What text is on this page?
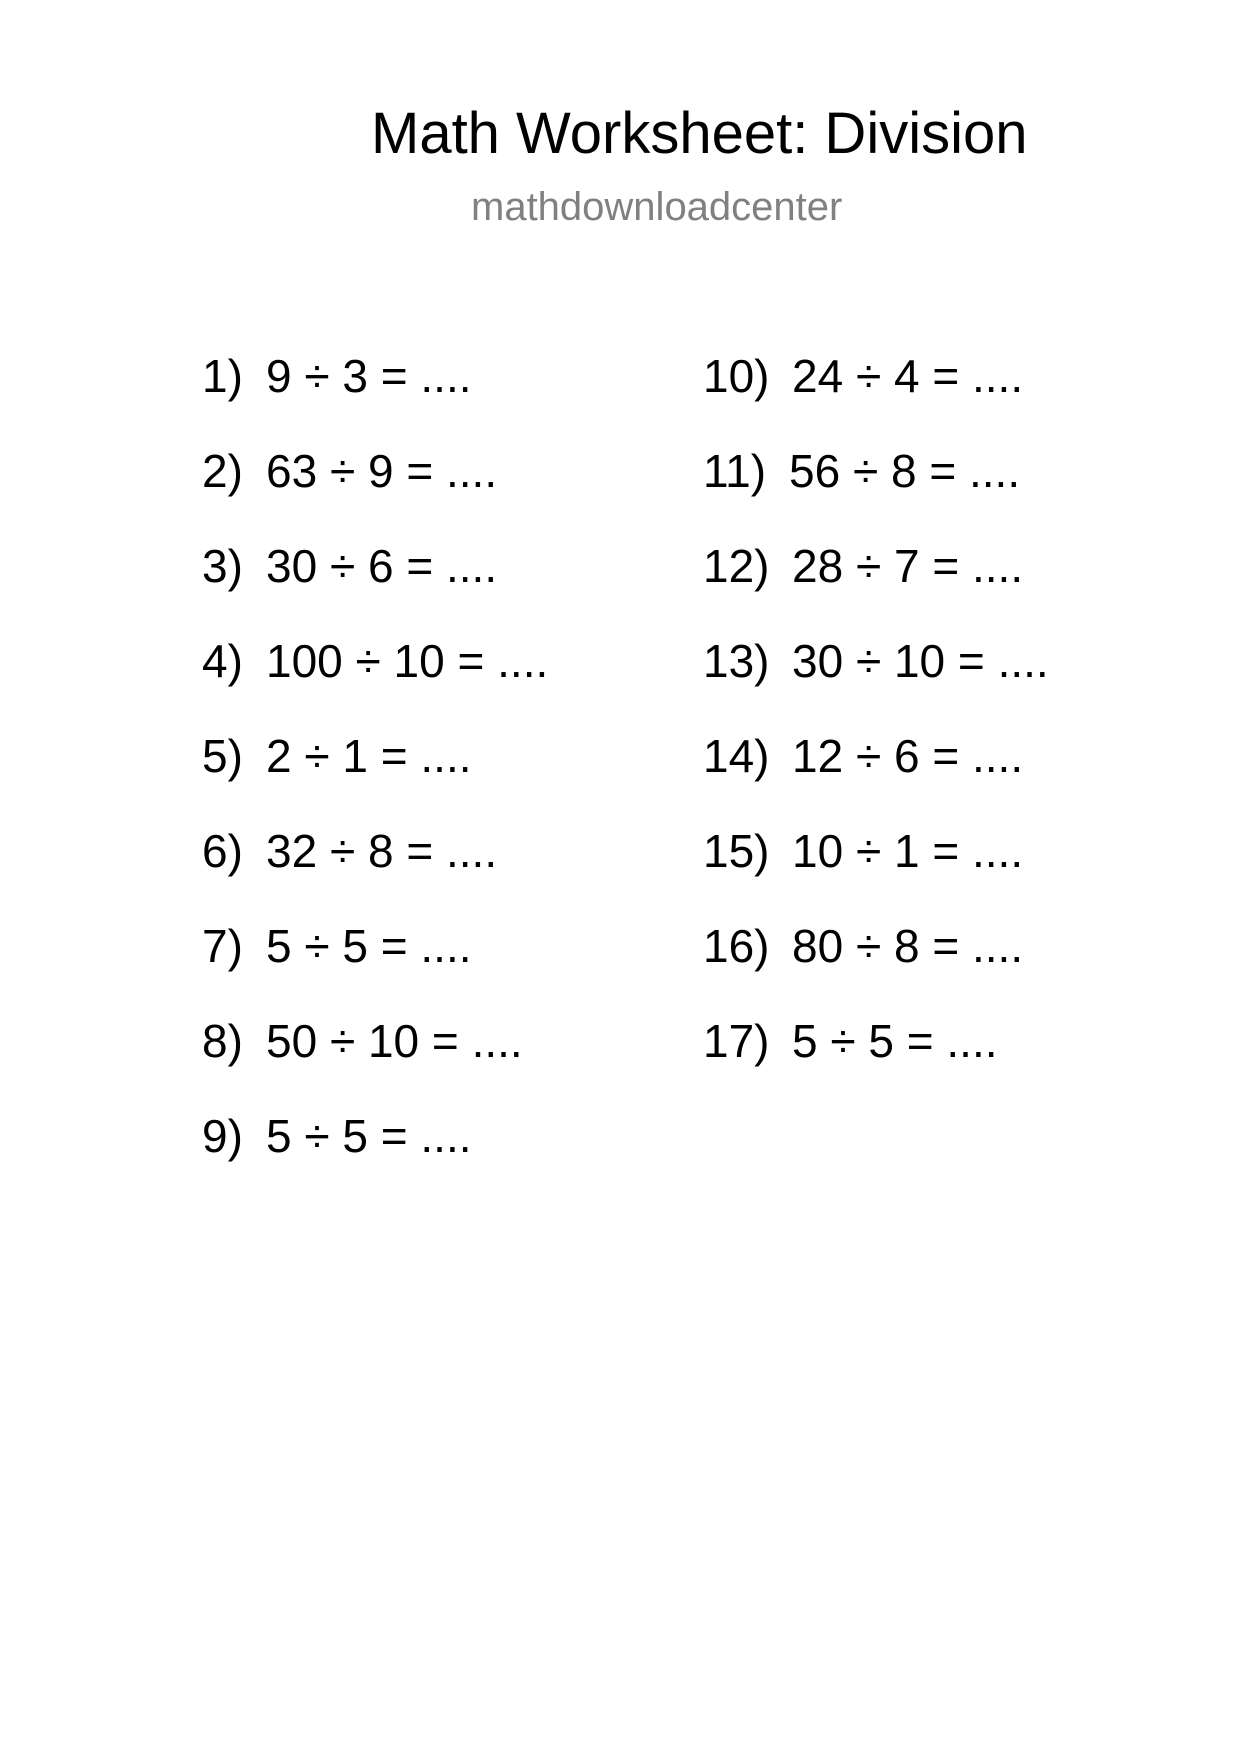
Math Worksheet: Division
mathdownloadcenter
1) 9 ÷ 3 = ....
2) 63 ÷ 9 = ....
3) 30 ÷ 6 = ....
4) 100 ÷ 10 = ....
5) 2 ÷ 1 = ....
6) 32 ÷ 8 = ....
7) 5 ÷ 5 = ....
8) 50 ÷ 10 = ....
9) 5 ÷ 5 = ....
10) 24 ÷ 4 = ....
11) 56 ÷ 8 = ....
12) 28 ÷ 7 = ....
13) 30 ÷ 10 = ....
14) 12 ÷ 6 = ....
15) 10 ÷ 1 = ....
16) 80 ÷ 8 = ....
17) 5 ÷ 5 = ....
